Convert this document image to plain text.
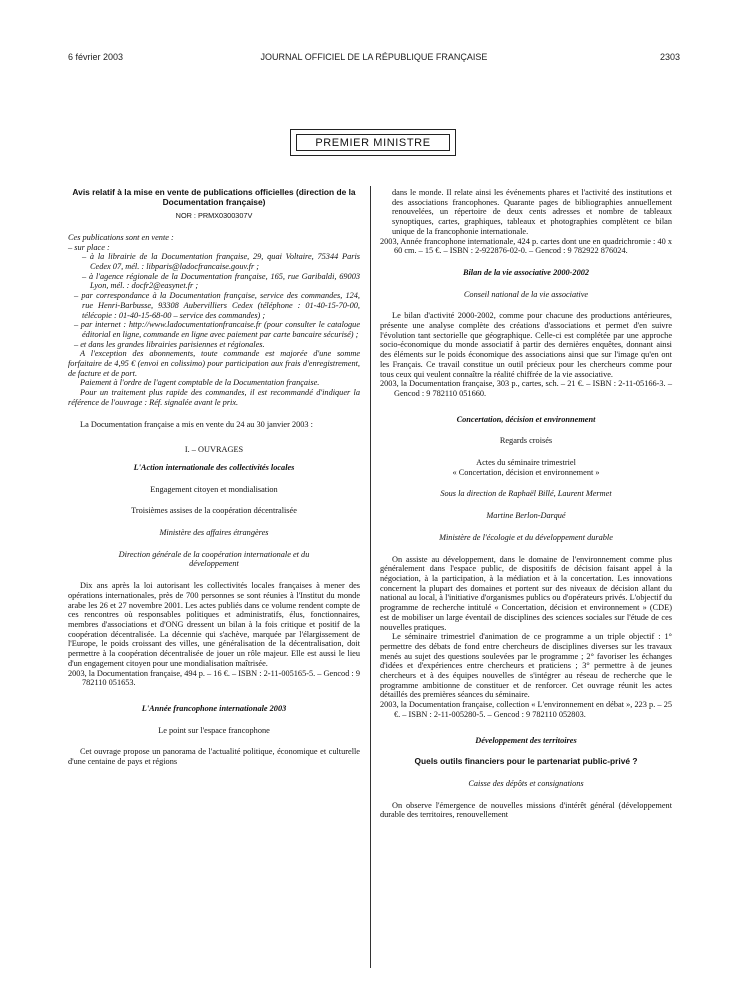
JOURNAL OFFICIEL DE LA RÉPUBLIQUE FRANÇAISE
6 février 2003	2303
PREMIER MINISTRE

Avis relatif à la mise en vente de publications officielles (direction de la Documentation française)

NOR : PRMX0300307V

Ces publications sont en vente :

– sur place :

– à la librairie de la Documentation française, 29, quai Voltaire, 75344 Paris Cedex 07, mél. : libparis@ladocfrancaise.gouv.fr ;

– à l'agence régionale de la Documentation française, 165, rue Garibaldi, 69003 Lyon, mél. : docfr2@easynet.fr ;

– par correspondance à la Documentation française, service des commandes, 124, rue Henri-Barbusse, 93308 Aubervilliers Cedex (téléphone : 01-40-15-70-00, télécopie : 01-40-15-68-00 – service des commandes) ;

– par internet : http://www.ladocumentationfrancaise.fr (pour consulter le catalogue éditorial en ligne, commande en ligne avec paiement par carte bancaire sécurisé) ;

– et dans les grandes librairies parisiennes et régionales.

A l'exception des abonnements, toute commande est majorée d'une somme forfaitaire de 4,95 € (envoi en colissimo) pour participation aux frais d'enregistrement, de facture et de port.

Paiement à l'ordre de l'agent comptable de la Documentation française.

Pour un traitement plus rapide des commandes, il est recommandé d'indiquer la référence de l'ouvrage : Réf. signalée avant le prix.

La Documentation française a mis en vente du 24 au 30 janvier 2003 :

I. – OUVRAGES

L'Action internationale des collectivités locales

Engagement citoyen et mondialisation

Troisièmes assises de la coopération décentralisée

Ministère des affaires étrangères

Direction générale de la coopération internationale et du développement

Dix ans après la loi autorisant les collectivités locales françaises à mener des opérations internationales, près de 700 personnes se sont réunies à l'Institut du monde arabe les 26 et 27 novembre 2001. Les actes publiés dans ce volume rendent compte de ces rencontres où responsables politiques et administratifs, élus, fonctionnaires, membres d'associations et d'ONG dressent un bilan à la fois critique et positif de la coopération décentralisée. La décennie qui s'achève, marquée par l'élargissement de l'Europe, le poids croissant des villes, une généralisation de la décentralisation, doit permettre à la coopération décentralisée de jouer un rôle majeur. Elle est aussi le lieu d'un engagement citoyen pour une mondialisation maîtrisée.

2003, la Documentation française, 494 p. – 16 €. – ISBN : 2-11-005165-5. – Gencod : 9 782110 051653.

L'Année francophone internationale 2003

Le point sur l'espace francophone

Cet ouvrage propose un panorama de l'actualité politique, économique et culturelle d'une centaine de pays et régions

dans le monde. Il relate ainsi les événements phares et l'activité des institutions et des associations francophones. Quarante pages de bibliographies annuellement renouvelées, un répertoire de deux cents adresses et nombre de tableaux synoptiques, cartes, graphiques, tableaux et photographies complètent ce bilan unique de la francophonie internationale.

2003, Année francophone internationale, 424 p. cartes dont une en quadrichromie : 40 x 60 cm. – 15 €. – ISBN : 2-922876-02-0. – Gencod : 9 782922 876024.

Bilan de la vie associative 2000-2002

Conseil national de la vie associative

Le bilan d'activité 2000-2002, comme pour chacune des productions antérieures, présente une analyse complète des créations d'associations et permet d'en suivre l'évolution tant sectorielle que géographique. Celle-ci est complétée par une approche socio-économique du monde associatif à partir des dernières enquêtes, donnant ainsi des éléments sur le poids économique des associations ainsi que sur l'image qu'en ont les Français. Ce travail constitue un outil précieux pour les chercheurs comme pour tous ceux qui veulent connaître la réalité chiffrée de la vie associative.

2003, la Documentation française, 303 p., cartes, sch. – 21 €. – ISBN : 2-11-05166-3. – Gencod : 9 782110 051660.

Concertation, décision et environnement

Regards croisés

Actes du séminaire trimestriel

« Concertation, décision et environnement »

Sous la direction de Raphaël Billé, Laurent Mermet

Martine Berlon-Darqué

Ministère de l'écologie et du développement durable

On assiste au développement, dans le domaine de l'environnement comme plus généralement dans l'espace public, de dispositifs de décision faisant appel à la négociation, à la participation, à la médiation et à la concertation. Les innovations concernent la plupart des domaines et portent sur des niveaux de décision allant du national au local, à l'initiative d'organismes publics ou d'opérateurs privés. L'objectif du programme de recherche intitulé « Concertation, décision et environnement » (CDE) est de mobiliser un large éventail de disciplines des sciences sociales sur l'étude de ces nouvelles pratiques.

Le séminaire trimestriel d'animation de ce programme a un triple objectif : 1° permettre des débats de fond entre chercheurs de disciplines diverses sur les travaux menés au sujet des questions soulevées par le programme ; 2° favoriser les échanges d'idées et d'expériences entre chercheurs et praticiens ; 3° permettre à de jeunes chercheurs et à des équipes nouvelles de s'intégrer au réseau de recherche que le programme ambitionne de constituer et de renforcer. Cet ouvrage réunit les actes détaillés des premières séances du séminaire.

2003, la Documentation française, collection « L'environnement en débat », 223 p. – 25 €. – ISBN : 2-11-005280-5. – Gencod : 9 782110 052803.

Développement des territoires

Quels outils financiers pour le partenariat public-privé ?

Caisse des dépôts et consignations

On observe l'émergence de nouvelles missions d'intérêt général (développement durable des territoires, renouvellement
